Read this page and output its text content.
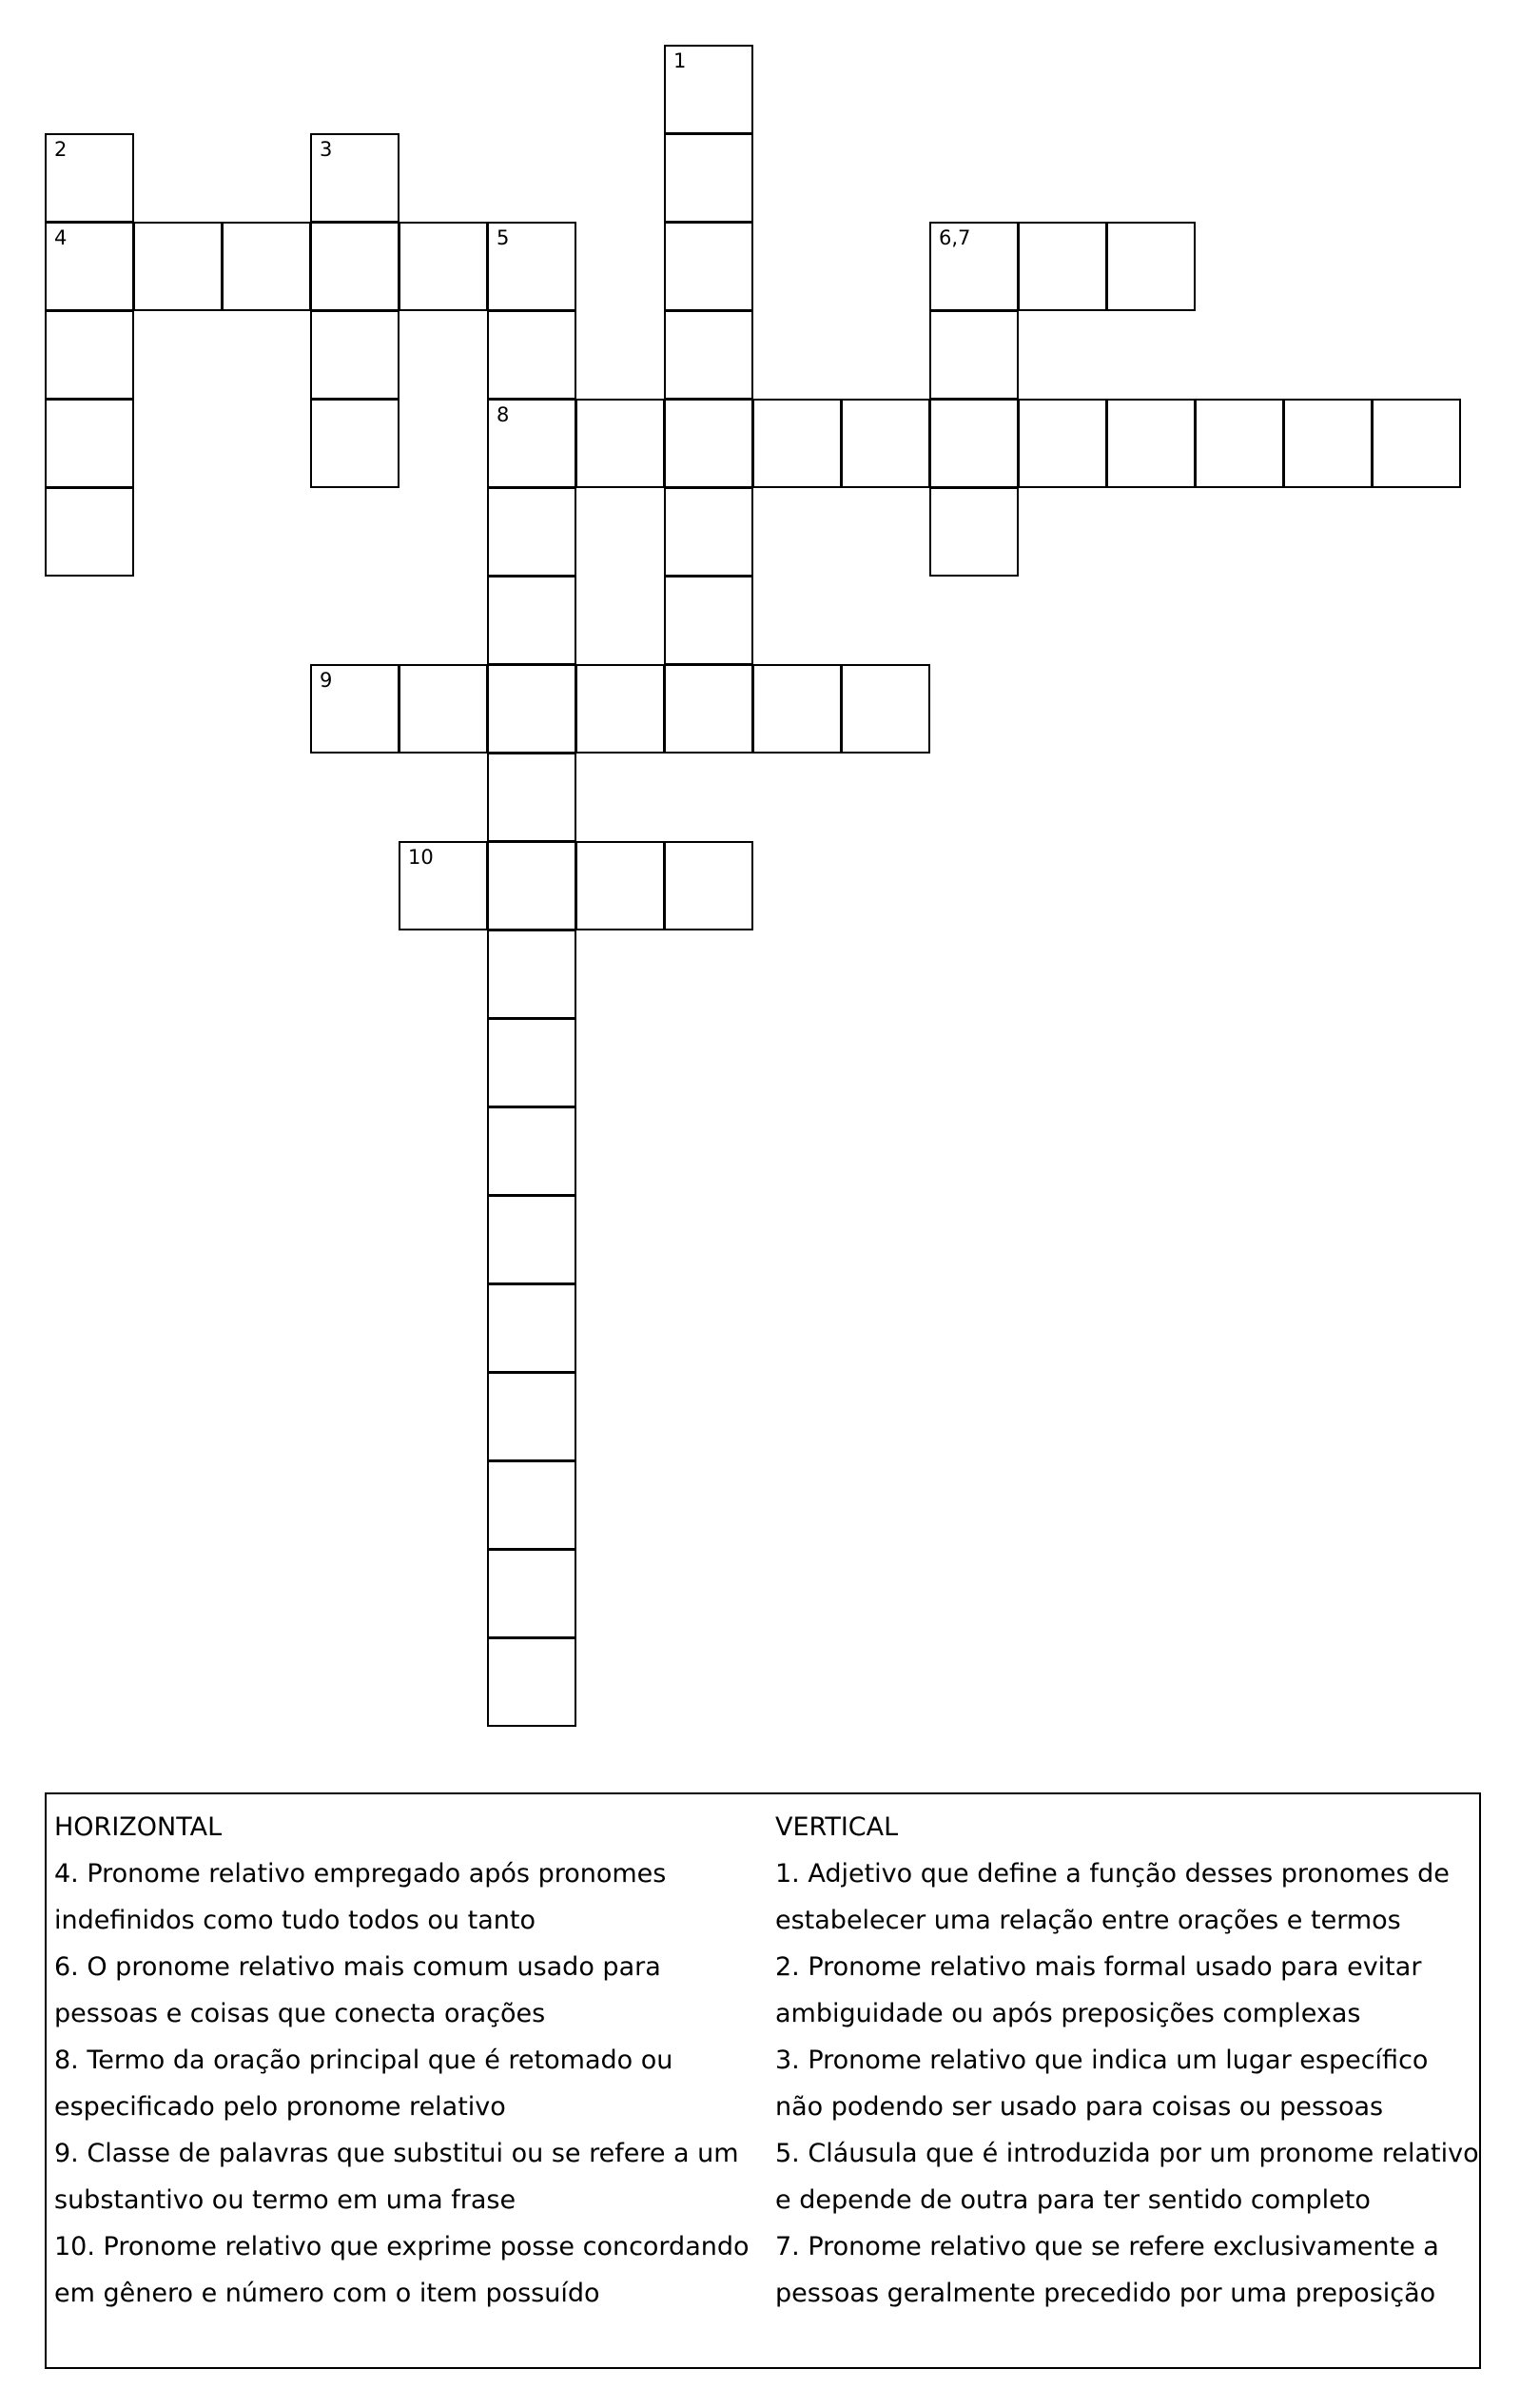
1
2
4
3
5
8
6,7
9
10

HORIZONTAL

4. Pronome relativo empregado após pronomes indefinidos como tudo todos ou tanto

6. O pronome relativo mais comum usado para pessoas e coisas que conecta orações

8. Termo da oração principal que é retomado ou especificado pelo pronome relativo

9. Classe de palavras que substitui ou se refere a um substantivo ou termo em uma frase

10. Pronome relativo que exprime posse concordando em gênero e número com o item possuído

VERTICAL

1. Adjetivo que define a função desses pronomes de estabelecer uma relação entre orações e termos

2. Pronome relativo mais formal usado para evitar ambiguidade ou após preposições complexas

3. Pronome relativo que indica um lugar específico não podendo ser usado para coisas ou pessoas

5. Cláusula que é introduzida por um pronome relativo e depende de outra para ter sentido completo

7. Pronome relativo que se refere exclusivamente a pessoas geralmente precedido por uma preposição
